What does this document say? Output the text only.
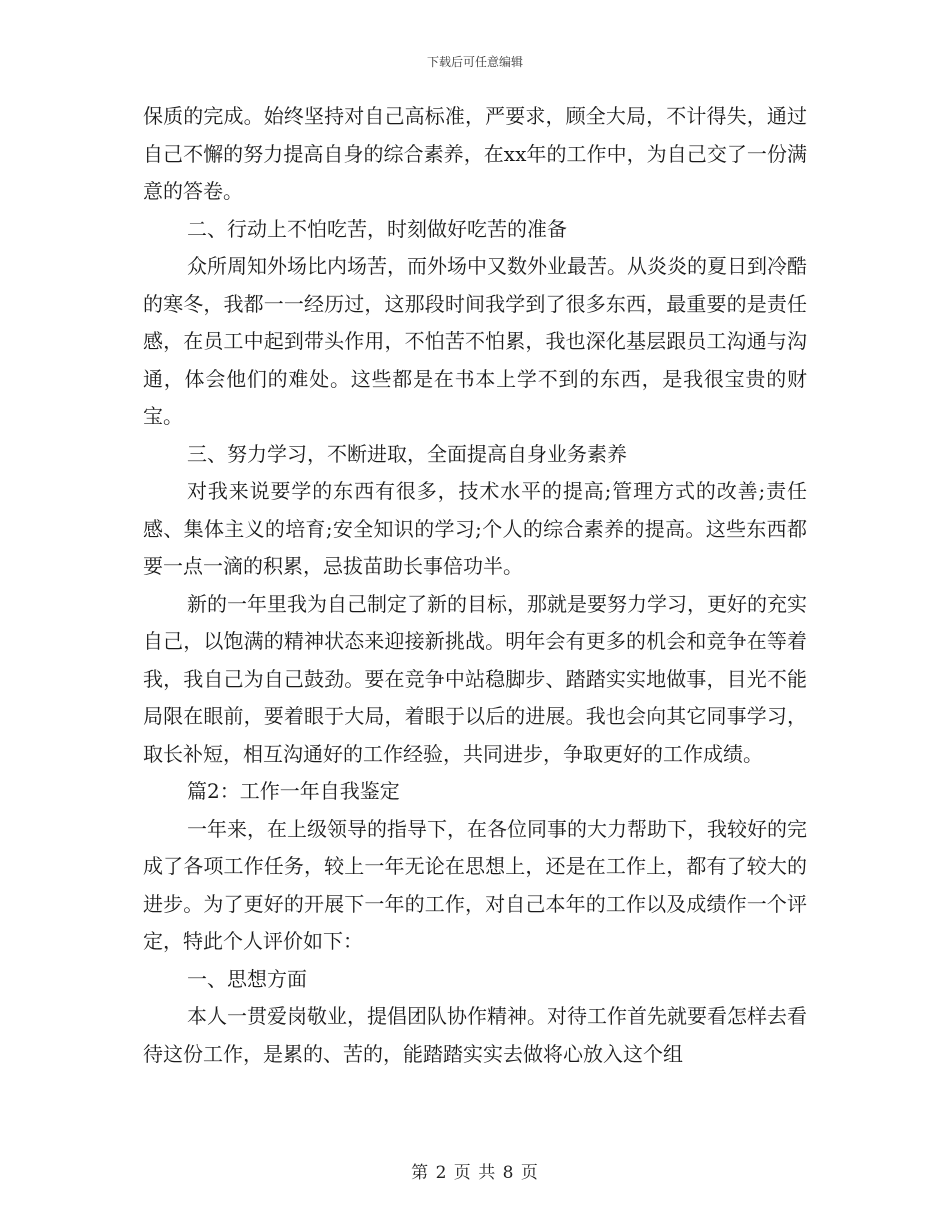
下载后可任意编辑

保质的完成。始终坚持对自己高标准，严要求，顾全大局，不计得失，通过自己不懈的努力提高自身的综合素养，在xx年的工作中，为自己交了一份满意的答卷。

二、行动上不怕吃苦，时刻做好吃苦的准备

众所周知外场比内场苦，而外场中又数外业最苦。从炎炎的夏日到冷酷的寒冬，我都一一经历过，这那段时间我学到了很多东西，最重要的是责任感，在员工中起到带头作用，不怕苦不怕累，我也深化基层跟员工沟通与沟通，体会他们的难处。这些都是在书本上学不到的东西，是我很宝贵的财宝。

三、努力学习，不断进取，全面提高自身业务素养

对我来说要学的东西有很多，技术水平的提高;管理方式的改善;责任感、集体主义的培育;安全知识的学习;个人的综合素养的提高。这些东西都要一点一滴的积累，忌拔苗助长事倍功半。

新的一年里我为自己制定了新的目标，那就是要努力学习，更好的充实自己，以饱满的精神状态来迎接新挑战。明年会有更多的机会和竞争在等着我，我自己为自己鼓劲。要在竞争中站稳脚步、踏踏实实地做事，目光不能局限在眼前，要着眼于大局，着眼于以后的进展。我也会向其它同事学习，取长补短，相互沟通好的工作经验，共同进步，争取更好的工作成绩。

篇2：工作一年自我鉴定

一年来，在上级领导的指导下，在各位同事的大力帮助下，我较好的完成了各项工作任务，较上一年无论在思想上，还是在工作上，都有了较大的进步。为了更好的开展下一年的工作，对自己本年的工作以及成绩作一个评定，特此个人评价如下：

一、思想方面

本人一贯爱岗敬业，提倡团队协作精神。对待工作首先就要看怎样去看待这份工作，是累的、苦的，能踏踏实实去做将心放入这个组

第 2 页 共 8 页
